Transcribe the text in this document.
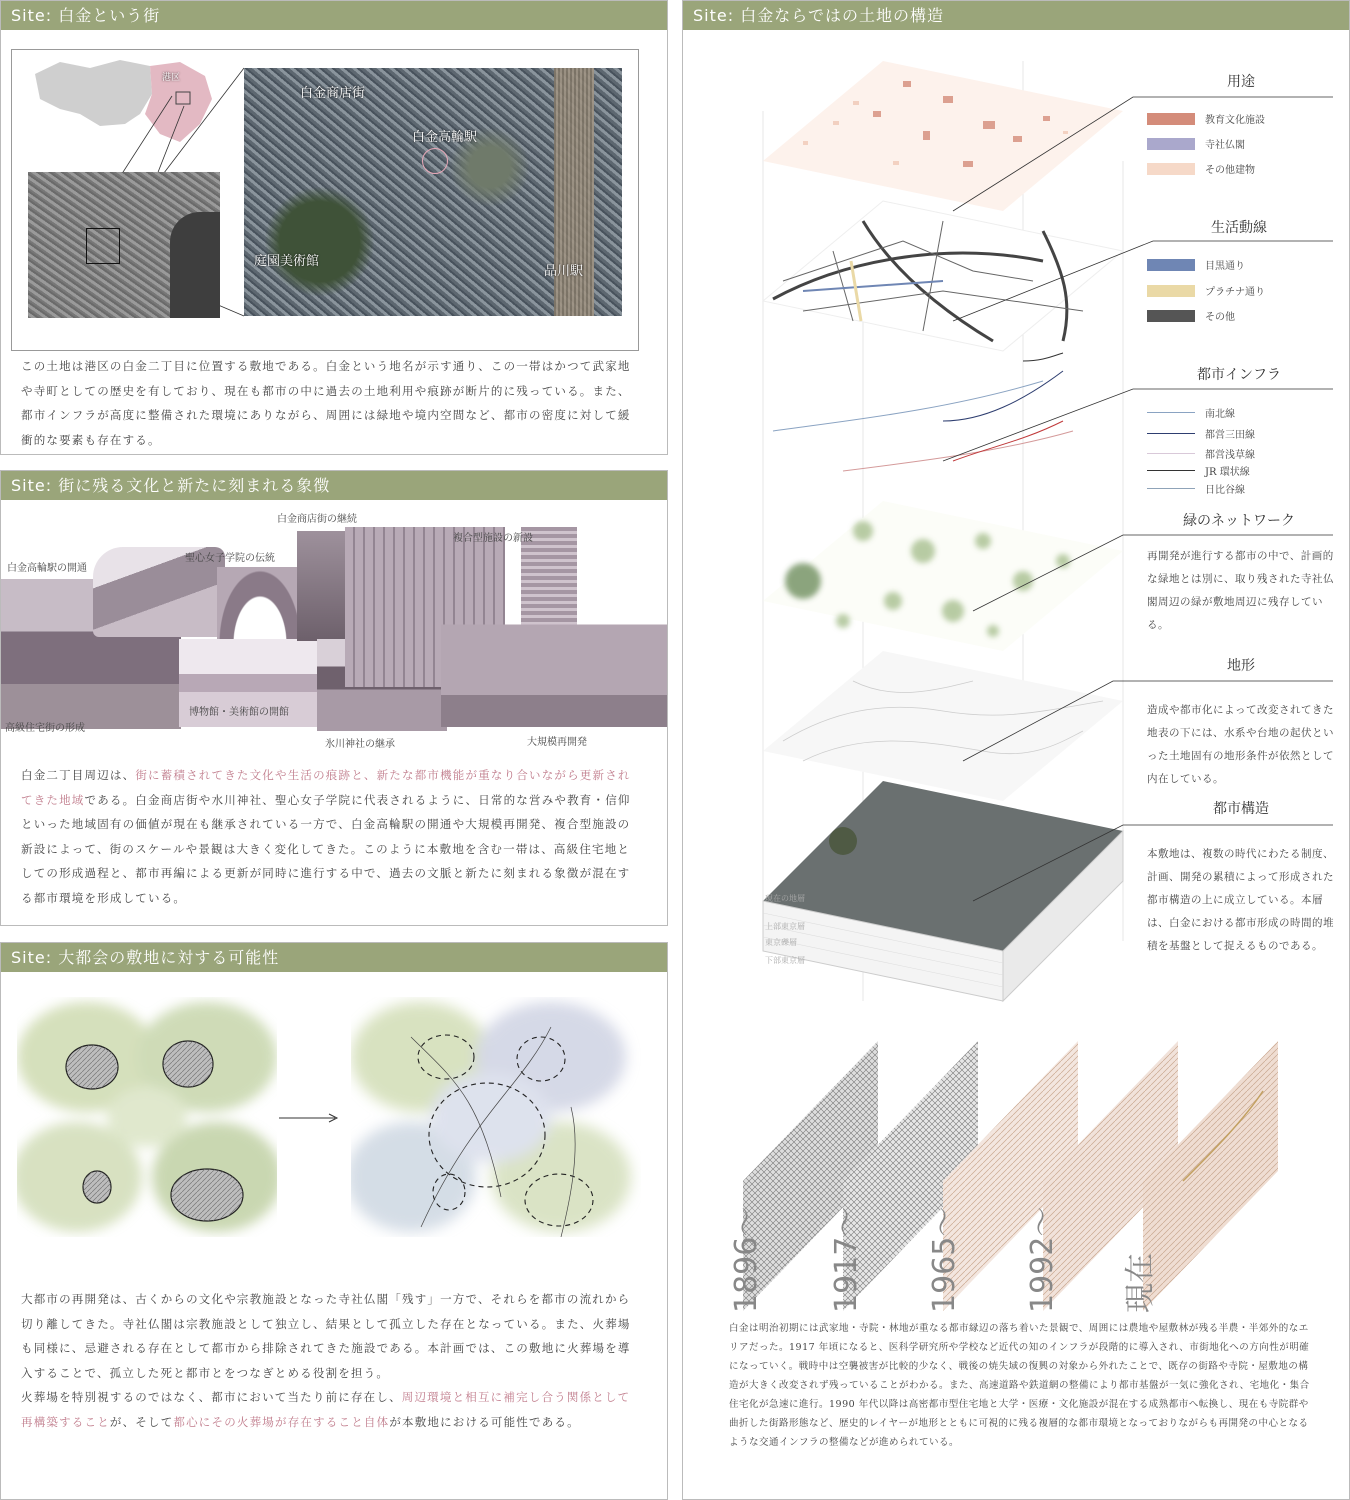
Site: 白金という街
港区
白金商店街
白金高輪駅
庭園美術館
品川駅
この土地は港区の白金二丁目に位置する敷地である。白金という地名が示す通り、この一帯はかつて武家地や寺町としての歴史を有しており、現在も都市の中に過去の土地利用や痕跡が断片的に残っている。また、都市インフラが高度に整備された環境にありながら、周囲には緑地や境内空間など、都市の密度に対して緩衝的な要素も存在する。
Site: 街に残る文化と新たに刻まれる象徴
白金商店街の継続
複合型施設の新設
白金高輪駅の開通
聖心女子学院の伝統
高級住宅街の形成
博物館・美術館の開館
氷川神社の継承	大規模再開発
白金二丁目周辺は、街に蓄積されてきた文化や生活の痕跡と、新たな都市機能が重なり合いながら更新されてきた地域である。白金商店街や水川神社、聖心女子学院に代表されるように、日常的な営みや教育・信仰といった地域固有の価値が現在も継承されている一方で、白金高輪駅の開通や大規模再開発、複合型施設の新設によって、街のスケールや景観は大きく変化してきた。このように本敷地を含む一帯は、高級住宅地としての形成過程と、都市再編による更新が同時に進行する中で、過去の文脈と新たに刻まれる象徴が混在する都市環境を形成している。
Site: 大都会の敷地に対する可能性
大都市の再開発は、古くからの文化や宗教施設となった寺社仏閣「残す」一方で、それらを都市の流れから切り離してきた。寺社仏閣は宗教施設として独立し、結果として孤立した存在となっている。また、火葬場も同様に、忌避される存在として都市から排除されてきた施設である。本計画では、この敷地に火葬場を導入することで、孤立した死と都市とをつなぎとめる役割を担う。
火葬場を特別視するのではなく、都市において当たり前に存在し、周辺環境と相互に補完し合う関係として再構築することが、そして都心にその火葬場が存在すること自体が本敷地における可能性である。
Site: 白金ならではの土地の構造
現在の地層
上部東京層
東京礫層
下部東京層
用途
教育文化施設
寺社仏閣
その他建物
生活動線
目黒通り
プラチナ通り
その他
都市インフラ
南北線
都営三田線
都営浅草線
JR 環状線
日比谷線
緑のネットワーク
再開発が進行する都市の中で、計画的な緑地とは別に、取り残された寺社仏閣周辺の緑が敷地周辺に残存している。
地形
造成や都市化によって改変されてきた地表の下には、水系や台地の起伏といった土地固有の地形条件が依然として内在している。
都市構造
本敷地は、複数の時代にわたる制度、計画、開発の累積によって形成された都市構造の上に成立している。本層は、白金における都市形成の時間的堆積を基盤として捉えるものである。
1896〜 1917〜 1965〜 1992〜 現在
白金は明治初期には武家地・寺院・林地が重なる都市縁辺の落ち着いた景観で、周囲には農地や屋敷林が残る半農・半郊外的なエリアだった。1917 年頃になると、医科学研究所や学校など近代の知のインフラが段階的に導入され、市街地化への方向性が明確になっていく。戦時中は空襲被害が比較的少なく、戦後の焼失域の復興の対象から外れたことで、既存の街路や寺院・屋敷地の構造が大きく改変されず残っていることがわかる。また、高速道路や鉄道網の整備により都市基盤が一気に強化され、宅地化・集合住宅化が急速に進行。1990 年代以降は高密都市型住宅地と大学・医療・文化施設が混在する成熟都市へ転換し、現在も寺院群や曲折した街路形態など、歴史的レイヤーが地形とともに可視的に残る複層的な都市環境となっておりながらも再開発の中心となるような交通インフラの整備などが進められている。
